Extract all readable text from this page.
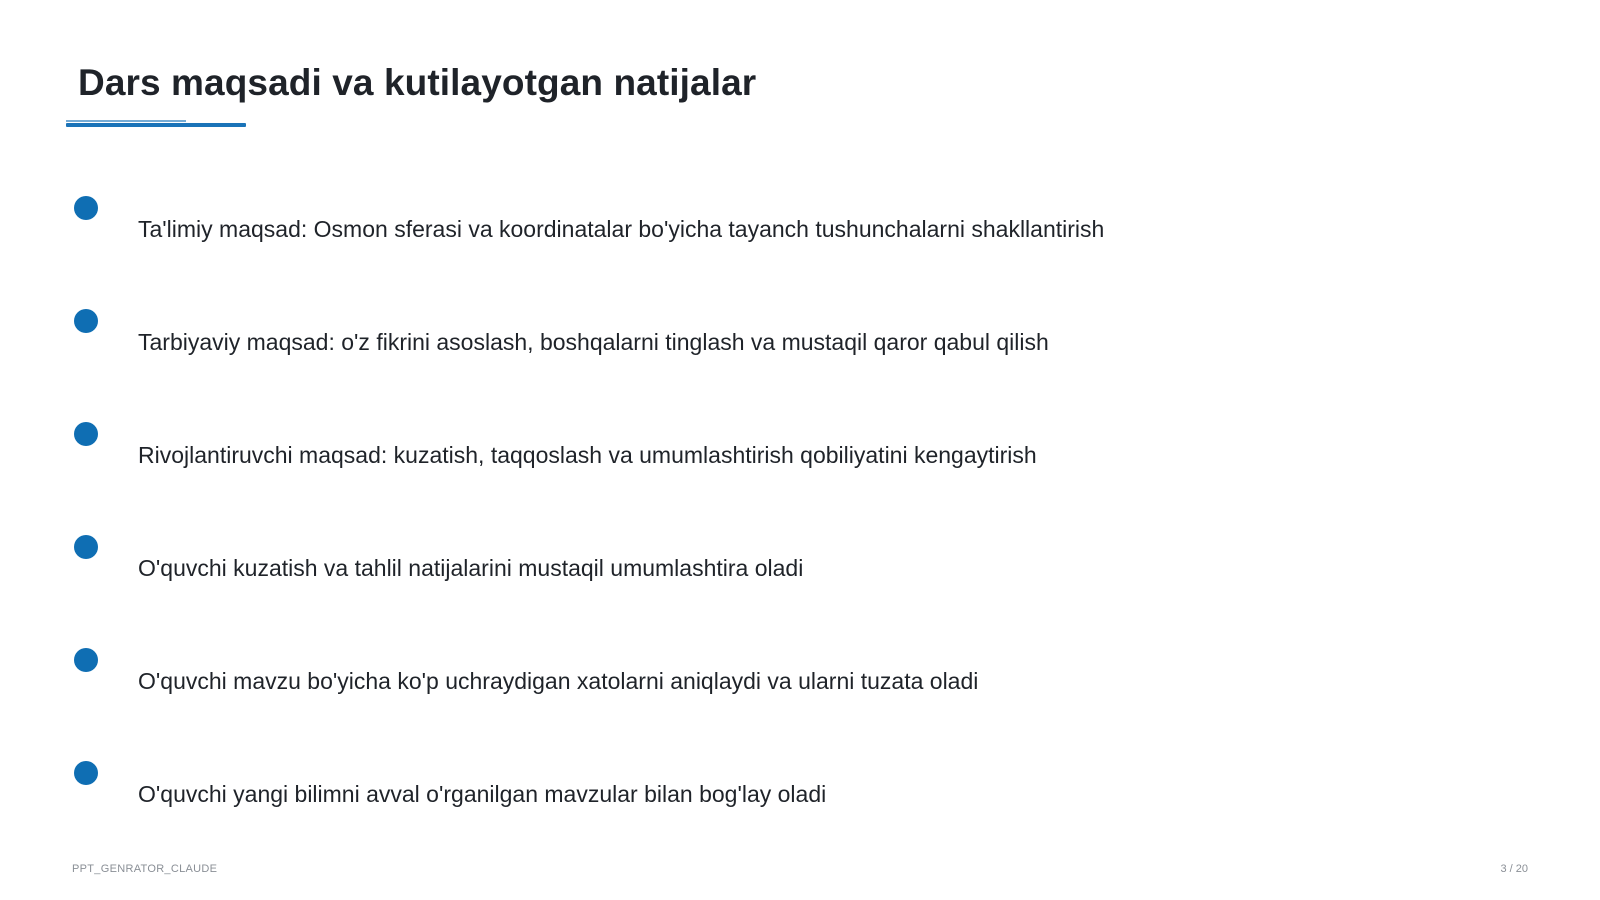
Dars maqsadi va kutilayotgan natijalar
Ta'limiy maqsad: Osmon sferasi va koordinatalar bo'yicha tayanch tushunchalarni shakllantirish
Tarbiyaviy maqsad: o'z fikrini asoslash, boshqalarni tinglash va mustaqil qaror qabul qilish
Rivojlantiruvchi maqsad: kuzatish, taqqoslash va umumlashtirish qobiliyatini kengaytirish
O'quvchi kuzatish va tahlil natijalarini mustaqil umumlashtira oladi
O'quvchi mavzu bo'yicha ko'p uchraydigan xatolarni aniqlaydi va ularni tuzata oladi
O'quvchi yangi bilimni avval o'rganilgan mavzular bilan bog'lay oladi
PPT_GENRATOR_CLAUDE	3 / 20
